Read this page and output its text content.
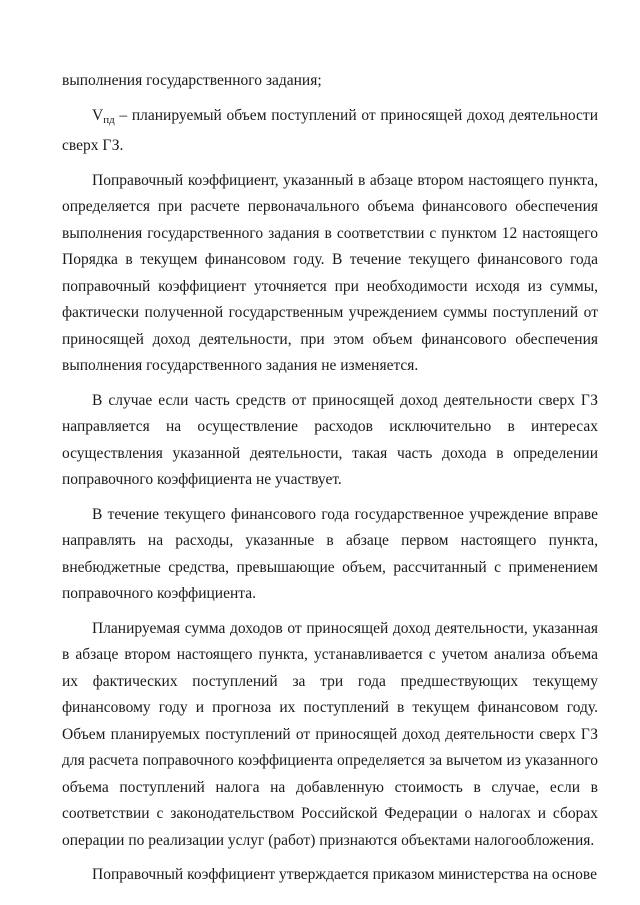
выполнения государственного задания;

$V_{пд}$ – планируемый объем поступлений от приносящей доход деятельности сверх ГЗ.

Поправочный коэффициент, указанный в абзаце втором настоящего пункта, определяется при расчете первоначального объема финансового обеспечения выполнения государственного задания в соответствии с пунктом 12 настоящего Порядка в текущем финансовом году. В течение текущего финансового года поправочный коэффициент уточняется при необходимости исходя из суммы, фактически полученной государственным учреждением суммы поступлений от приносящей доход деятельности, при этом объем финансового обеспечения выполнения государственного задания не изменяется.

В случае если часть средств от приносящей доход деятельности сверх ГЗ направляется на осуществление расходов исключительно в интересах осуществления указанной деятельности, такая часть дохода в определении поправочного коэффициента не участвует.

В течение текущего финансового года государственное учреждение вправе направлять на расходы, указанные в абзаце первом настоящего пункта, внебюджетные средства, превышающие объем, рассчитанный с применением поправочного коэффициента.

Планируемая сумма доходов от приносящей доход деятельности, указанная в абзаце втором настоящего пункта, устанавливается с учетом анализа объема их фактических поступлений за три года предшествующих текущему финансовому году и прогноза их поступлений в текущем финансовом году. Объем планируемых поступлений от приносящей доход деятельности сверх ГЗ для расчета поправочного коэффициента определяется за вычетом из указанного объема поступлений налога на добавленную стоимость в случае, если в соответствии с законодательством Российской Федерации о налогах и сборах операции по реализации услуг (работ) признаются объектами налогообложения.

Поправочный коэффициент утверждается приказом министерства на основе
